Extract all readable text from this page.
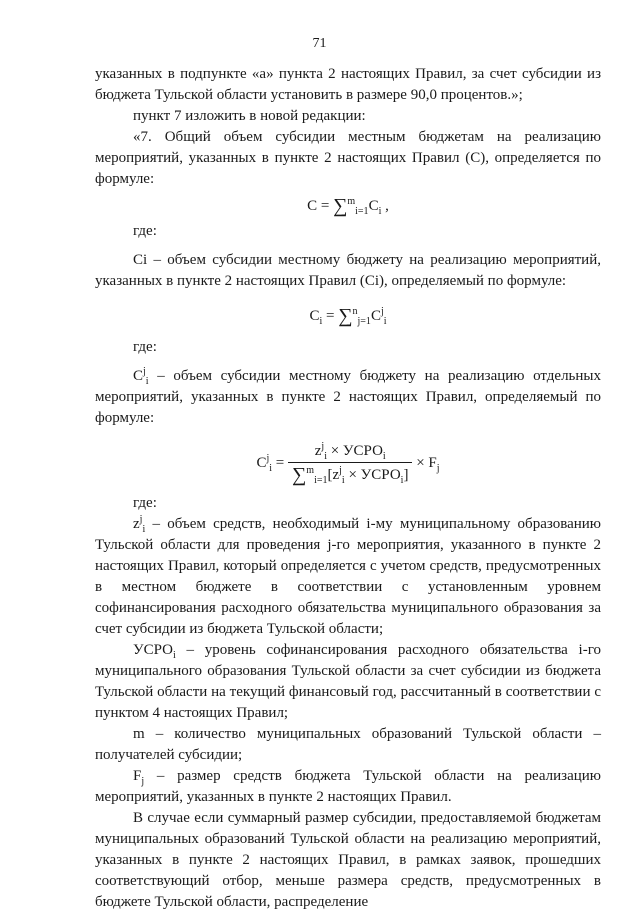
71

указанных в подпункте «а» пункта 2 настоящих Правил, за счет субсидии из бюджета Тульской области установить в размере 90,0 процентов.»;

пункт 7 изложить в новой редакции:

«7. Общий объем субсидии местным бюджетам на реализацию мероприятий, указанных в пункте 2 настоящих Правил (С), определяется по формуле:

$C = \sum^m_{i=1}C_i$ ,

где:

Ci – объем субсидии местному бюджету на реализацию мероприятий, указанных в пункте 2 настоящих Правил (Ci), определяемый по формуле:

$C_i = \sum^n_{j=1}C^j_i$

где:

$C^j_i$ – объем субсидии местному бюджету на реализацию отдельных мероприятий, указанных в пункте 2 настоящих Правил, определяемый по формуле:

$C^j_i = \frac{z^j_i \times УСРО_i}{\sum^m_{i=1}[z^j_i \times УСРО_i]} \times F_j$

где:

$z^j_i$ – объем средств, необходимый i-му муниципальному образованию Тульской области для проведения j-го мероприятия, указанного в пункте 2 настоящих Правил, который определяется с учетом средств, предусмотренных в местном бюджете в соответствии с установленным уровнем софинансирования расходного обязательства муниципального образования за счет субсидии из бюджета Тульской области;

$УСРО_i$ – уровень софинансирования расходного обязательства i-го муниципального образования Тульской области за счет субсидии из бюджета Тульской области на текущий финансовый год, рассчитанный в соответствии с пунктом 4 настоящих Правил;

m – количество муниципальных образований Тульской области – получателей субсидии;

$F_j$ – размер средств бюджета Тульской области на реализацию мероприятий, указанных в пункте 2 настоящих Правил.

В случае если суммарный размер субсидии, предоставляемой бюджетам муниципальных образований Тульской области на реализацию мероприятий, указанных в пункте 2 настоящих Правил, в рамках заявок, прошедших соответствующий отбор, меньше размера средств, предусмотренных в бюджете Тульской области, распределение
